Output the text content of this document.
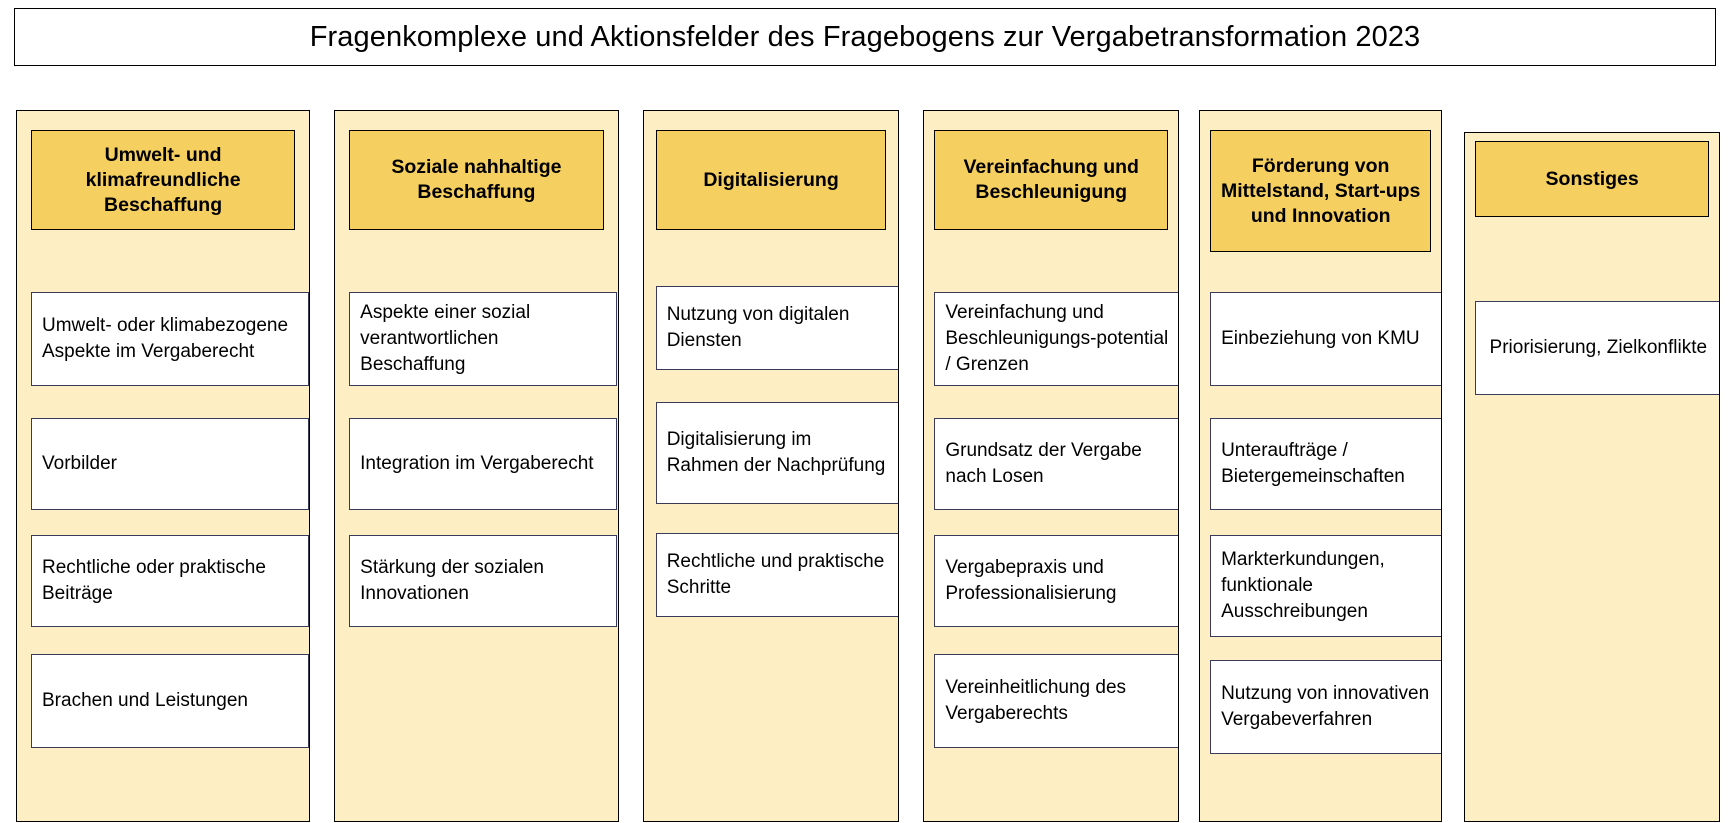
Fragenkomplexe und Aktionsfelder des Fragebogens zur Vergabetransformation 2023
Umwelt- und klimafreundliche Beschaffung
Umwelt- oder klimabezogene Aspekte im Vergaberecht
Vorbilder
Rechtliche oder praktische Beiträge
Brachen und Leistungen
Soziale nahhaltige Beschaffung
Aspekte einer sozial verantwortlichen Beschaffung
Integration im Vergaberecht
Stärkung der sozialen Innovationen
Digitalisierung
Nutzung von digitalen Diensten
Digitalisierung im Rahmen der Nachprüfung
Rechtliche und praktische Schritte
Vereinfachung und Beschleunigung
Vereinfachung und Beschleunigungs-potential / Grenzen
Grundsatz der Vergabe nach Losen
Vergabepraxis und Professionalisierung
Vereinheitlichung des Vergaberechts
Förderung von Mittelstand, Start-ups und Innovation
Einbeziehung von KMU
Unteraufträge / Bietergemeinschaften
Markterkundungen, funktionale Ausschreibungen
Nutzung von innovativen Vergabeverfahren
Sonstiges
Priorisierung, Zielkonflikte
